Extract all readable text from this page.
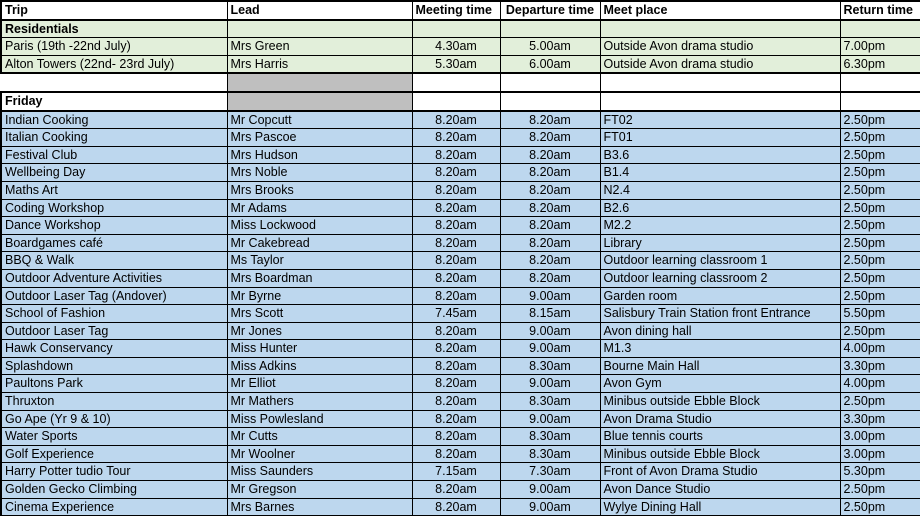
Trip	Lead	Meeting time	Departure time	Meet place	Return time
Residentials					
Paris (19th -22nd July)	Mrs Green	4.30am	5.00am	Outside Avon drama studio	7.00pm
Alton Towers (22nd- 23rd July)	Mrs Harris	5.30am	6.00am	Outside Avon drama studio	6.30pm

Friday					
Indian Cooking	Mr Copcutt	8.20am	8.20am	FT02	2.50pm
Italian Cooking	Mrs Pascoe	8.20am	8.20am	FT01	2.50pm
Festival Club	Mrs Hudson	8.20am	8.20am	B3.6	2.50pm
Wellbeing Day	Mrs Noble	8.20am	8.20am	B1.4	2.50pm
Maths Art	Mrs Brooks	8.20am	8.20am	N2.4	2.50pm
Coding Workshop	Mr Adams	8.20am	8.20am	B2.6	2.50pm
Dance Workshop	Miss Lockwood	8.20am	8.20am	M2.2	2.50pm
Boardgames café	Mr Cakebread	8.20am	8.20am	Library	2.50pm
BBQ & Walk	Ms Taylor	8.20am	8.20am	Outdoor learning classroom 1	2.50pm
Outdoor Adventure Activities	Mrs Boardman	8.20am	8.20am	Outdoor learning classroom 2	2.50pm
Outdoor Laser Tag (Andover)	Mr Byrne	8.20am	9.00am	Garden room	2.50pm
School of Fashion	Mrs Scott	7.45am	8.15am	Salisbury Train Station front Entrance	5.50pm
Outdoor Laser Tag	Mr Jones	8.20am	9.00am	Avon dining hall	2.50pm
Hawk Conservancy	Miss Hunter	8.20am	9.00am	M1.3	4.00pm
Splashdown	Miss Adkins	8.20am	8.30am	Bourne Main Hall	3.30pm
Paultons Park	Mr Elliot	8.20am	9.00am	Avon Gym	4.00pm
Thruxton	Mr Mathers	8.20am	8.30am	Minibus outside Ebble Block	2.50pm
Go Ape (Yr 9 & 10)	Miss Powlesland	8.20am	9.00am	Avon Drama Studio	3.30pm
Water Sports	Mr Cutts	8.20am	8.30am	Blue tennis courts	3.00pm
Golf Experience	Mr Woolner	8.20am	8.30am	Minibus outside Ebble Block	3.00pm
Harry Potter tudio Tour	Miss Saunders	7.15am	7.30am	Front of Avon Drama Studio	5.30pm
Golden Gecko Climbing	Mr Gregson	8.20am	9.00am	Avon Dance Studio	2.50pm
Cinema Experience	Mrs Barnes	8.20am	9.00am	Wylye Dining Hall	2.50pm
